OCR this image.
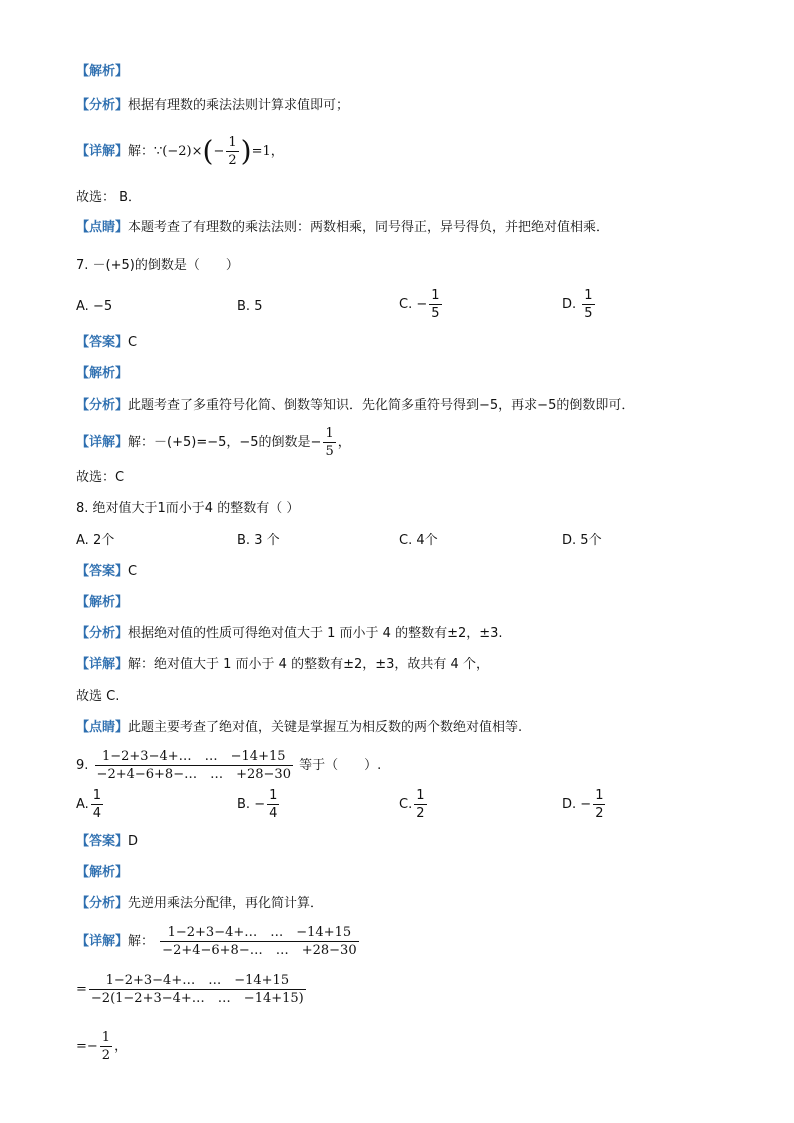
【解析】
【分析】根据有理数的乘法法则计算求值即可；
【详解】解：∵(−2)×(− $\frac{1}{2} )=1$，
故选： B．
【点睛】本题考查了有理数的乘法法则：两数相乘，同号得正，异号得负，并把绝对值相乘．
7. －(+5)的倒数是（　　）
A. −5	B. 5	C. − $\frac{1}{5}$	D. $\frac{1}{5}$
【答案】C
【解析】
【分析】此题考查了多重符号化简、倒数等知识．先化简多重符号得到−5，再求−5的倒数即可．
【详解】解：－(+5)=−5，−5的倒数是− $\frac{1}{5}$ ，
故选：C
8. 绝对值大于1而小于4 的整数有（ ）
A. 2个	B. 3 个	C. 4个	D. 5个
【答案】C
【解析】
【分析】根据绝对值的性质可得绝对值大于 1 而小于 4 的整数有±2，±3.
【详解】解：绝对值大于 1 而小于 4 的整数有±2，±3，故共有 4 个，
故选 C.
【点睛】此题主要考查了绝对值，关键是掌握互为相反数的两个数绝对值相等.
9. $\frac{1-2+3-4+\dots \dots -14+15}{-2+4-6+8-\dots \dots +28-30}$ 等于（　　）.
A. $\frac{1}{4}$	B. − $\frac{1}{4}$	C. $\frac{1}{2}$	D. − $\frac{1}{2}$
【答案】D
【解析】
【分析】先逆用乘法分配律，再化简计算．
【详解】解： $\frac{1-2+3-4+\dots \dots -14+15}{-2+4-6+8-\dots \dots +28-30}$
= $\frac{1-2+3-4+\dots \dots -14+15}{-2(1-2+3-4+\dots \dots -14+15)}$
=− $\frac{1}{2}$ ，
